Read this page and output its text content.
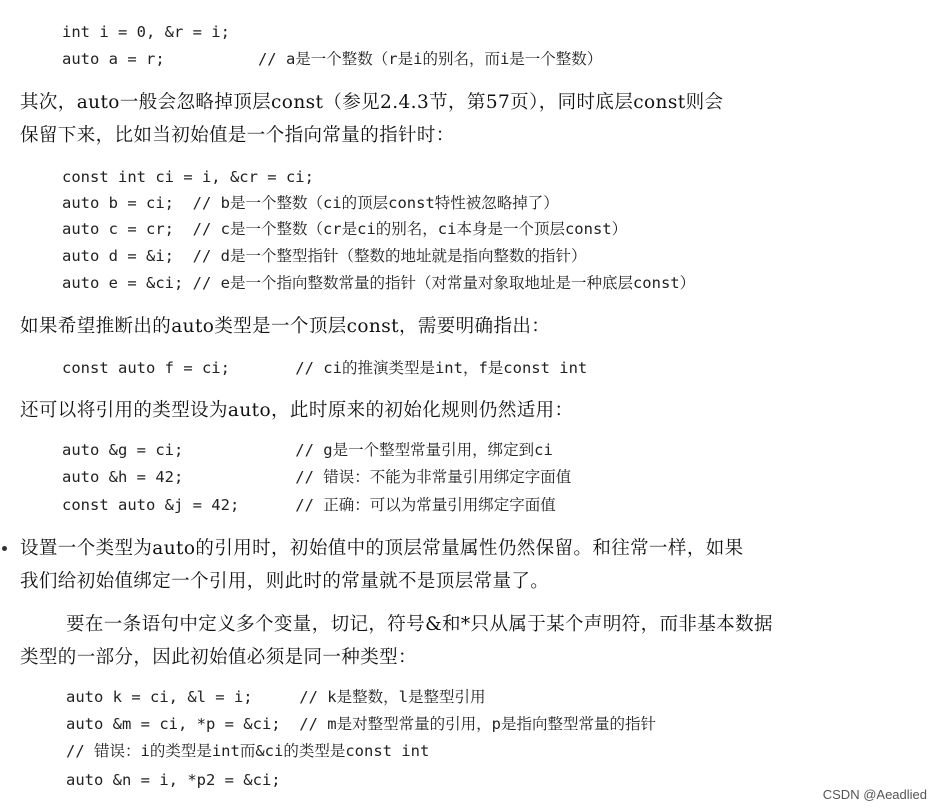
int i = 0, &r = i;
auto a = r;          // a是一个整数（r是i的别名，而i是一个整数）
其次，auto一般会忽略掉顶层const（参见2.4.3节，第57页），同时底层const则会
保留下来，比如当初始值是一个指向常量的指针时：
const int ci = i, &cr = ci;
auto b = ci;  // b是一个整数（ci的顶层const特性被忽略掉了）
auto c = cr;  // c是一个整数（cr是ci的别名，ci本身是一个顶层const）
auto d = &i;  // d是一个整型指针（整数的地址就是指向整数的指针）
auto e = &ci; // e是一个指向整数常量的指针（对常量对象取地址是一种底层const）
如果希望推断出的auto类型是一个顶层const，需要明确指出：
const auto f = ci;       // ci的推演类型是int，f是const int
还可以将引用的类型设为auto，此时原来的初始化规则仍然适用：
auto &g = ci;            // g是一个整型常量引用，绑定到ci
auto &h = 42;            // 错误：不能为非常量引用绑定字面值
const auto &j = 42;      // 正确：可以为常量引用绑定字面值
设置一个类型为auto的引用时，初始值中的顶层常量属性仍然保留。和往常一样，如果
我们给初始值绑定一个引用，则此时的常量就不是顶层常量了。
要在一条语句中定义多个变量，切记，符号&和*只从属于某个声明符，而非基本数据
类型的一部分，因此初始值必须是同一种类型：
auto k = ci, &l = i;     // k是整数，l是整型引用
auto &m = ci, *p = &ci;  // m是对整型常量的引用，p是指向整型常量的指针
// 错误：i的类型是int而&ci的类型是const int
auto &n = i, *p2 = &ci;
CSDN @Aeadlied
